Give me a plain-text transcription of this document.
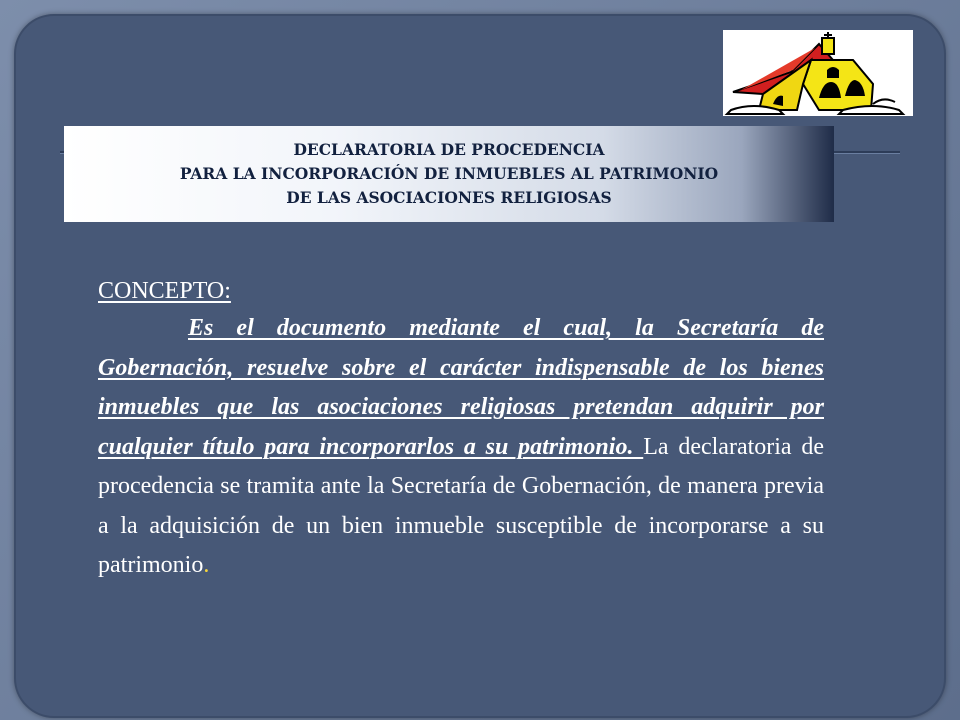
DECLARATORIA DE PROCEDENCIA
PARA LA INCORPORACIÓN DE INMUEBLES AL PATRIMONIO
DE LAS ASOCIACIONES RELIGIOSAS
CONCEPTO:
Es el documento mediante el cual, la Secretaría de Gobernación, resuelve sobre el carácter indispensable de los bienes inmuebles que las asociaciones religiosas pretendan adquirir por cualquier título para incorporarlos a su patrimonio. La declaratoria de procedencia se tramita ante la Secretaría de Gobernación, de manera previa a la adquisición de un bien inmueble susceptible de incorporarse a su patrimonio.
